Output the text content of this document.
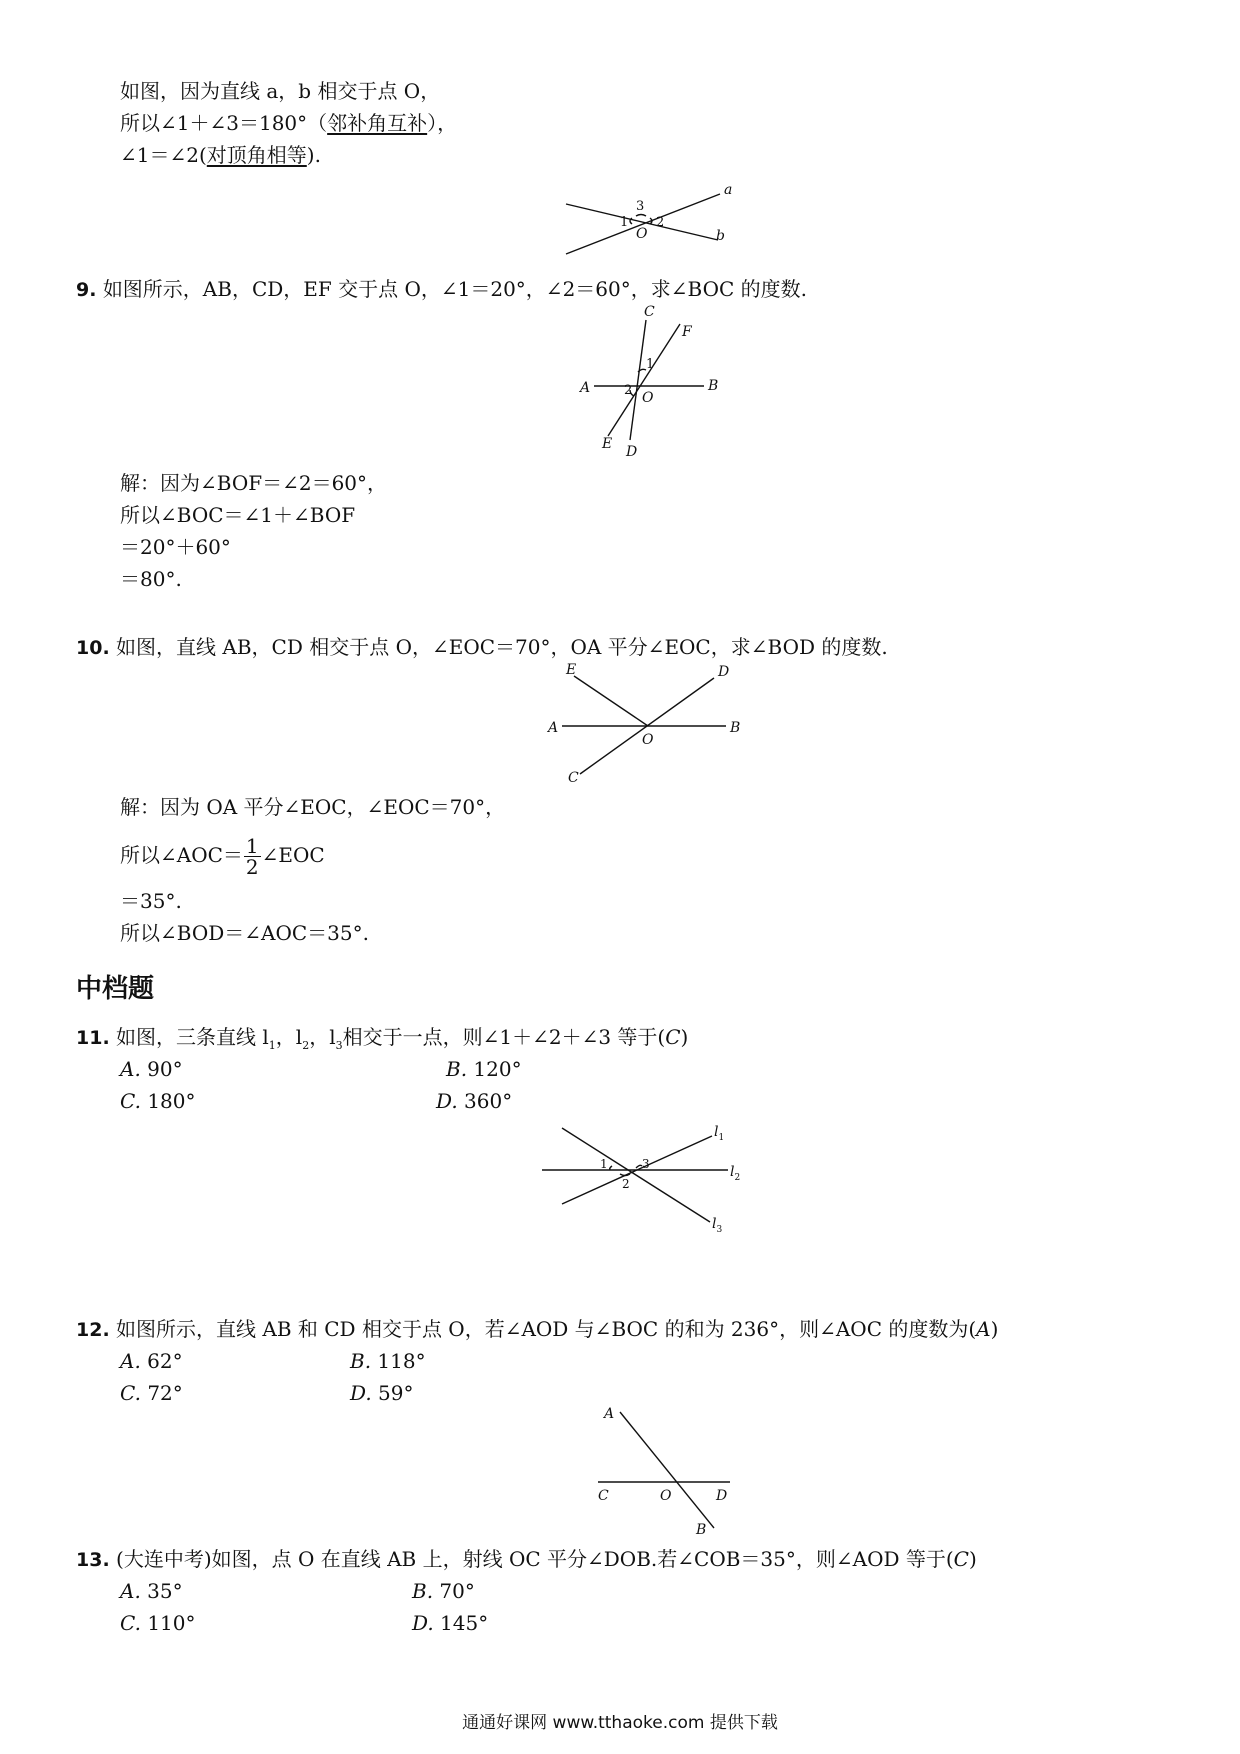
如图，因为直线 a，b 相交于点 O，
所以∠1＋∠3＝180°（邻补角互补），
∠1＝∠2(对顶角相等).
a
b
1 2
3
O
9. 如图所示，AB，CD，EF 交于点 O，∠1＝20°，∠2＝60°，求∠BOC 的度数.
C
F
1
A	2 O
B
E D
解：因为∠BOF＝∠2＝60°，
所以∠BOC＝∠1＋∠BOF
＝20°＋60°
＝80°.
10. 如图，直线 AB，CD 相交于点 O，∠EOC＝70°，OA 平分∠EOC，求∠BOD 的度数.
E	D
A
O
B
C
解：因为 OA 平分∠EOC，∠EOC＝70°，
所以∠AOC＝ $\frac{1}{2}$ ∠EOC
＝35°.
所以∠BOD＝∠AOC＝35°.
中档题
11. 如图，三条直线 $l_1$，$l_2$，$l_3$相交于一点，则∠1＋∠2＋∠3 等于(C)
A. 90°	B. 120°
C. 180°	D. 360°
$l_1$
$l_2$
$l_3$
1	3
2
12. 如图所示，直线 AB 和 CD 相交于点 O，若∠AOD 与∠BOC 的和为 236°，则∠AOC 的度数为(A)
A. 62°	B. 118°
C. 72°	D. 59°
A
C	O	D
B
13. (大连中考)如图，点 O 在直线 AB 上，射线 OC 平分∠DOB.若∠COB＝35°，则∠AOD 等于(C)
A. 35°	B. 70°
C. 110°	D. 145°
通通好课网 www.tthaoke.com 提供下载
